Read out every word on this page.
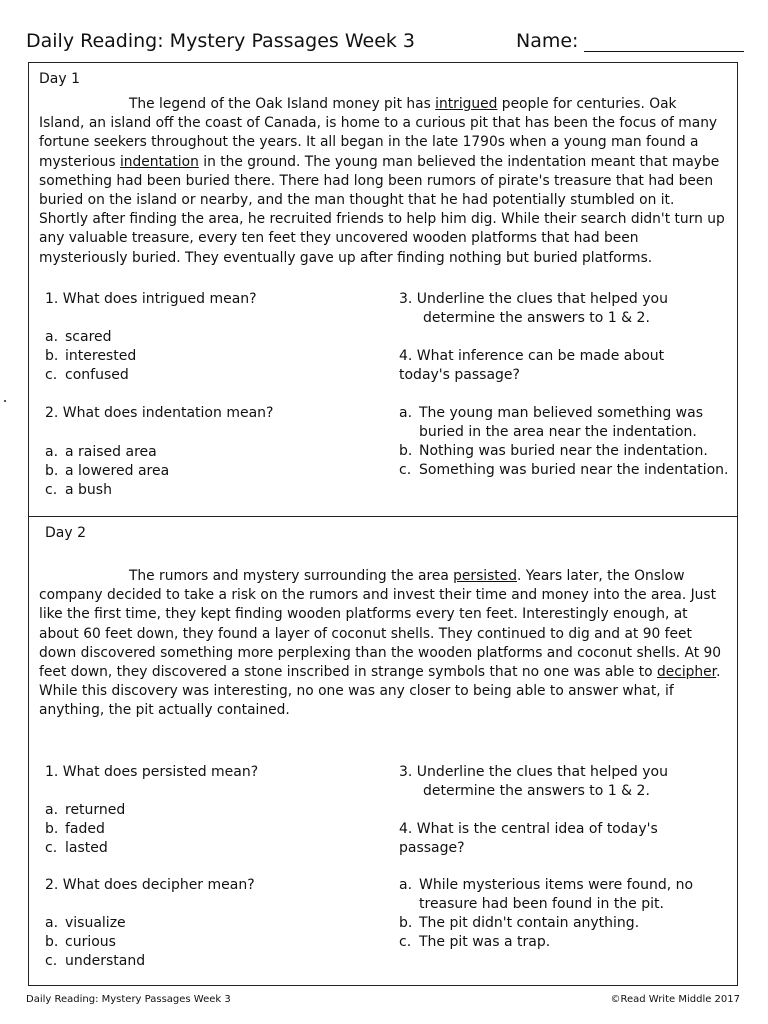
Daily Reading: Mystery Passages Week 3	Name:
Day 1

The legend of the Oak Island money pit has intrigued people for centuries. Oak Island, an island off the coast of Canada, is home to a curious pit that has been the focus of many fortune seekers throughout the years. It all began in the late 1790s when a young man found a mysterious indentation in the ground. The young man believed the indentation meant that maybe something had been buried there. There had long been rumors of pirate's treasure that had been buried on the island or nearby, and the man thought that he had potentially stumbled on it. Shortly after finding the area, he recruited friends to help him dig. While their search didn't turn up any valuable treasure, every ten feet they uncovered wooden platforms that had been mysteriously buried. They eventually gave up after finding nothing but buried platforms.

1. What does intrigued mean?
a. scared
b. interested
c. confused
2. What does indentation mean?
a. a raised area
b. a lowered area
c. a bush
3. Underline the clues that helped you
determine the answers to 1 & 2.
4. What inference can be made about
today's passage?
a. The young man believed something was buried in the area near the indentation.
b. Nothing was buried near the indentation.
c. Something was buried near the indentation.
Day 2

The rumors and mystery surrounding the area persisted. Years later, the Onslow company decided to take a risk on the rumors and invest their time and money into the area. Just like the first time, they kept finding wooden platforms every ten feet. Interestingly enough, at about 60 feet down, they found a layer of coconut shells. They continued to dig and at 90 feet down discovered something more perplexing than the wooden platforms and coconut shells. At 90 feet down, they discovered a stone inscribed in strange symbols that no one was able to decipher. While this discovery was interesting, no one was any closer to being able to answer what, if anything, the pit actually contained.

1. What does persisted mean?
a. returned
b. faded
c. lasted
2. What does decipher mean?
a. visualize
b. curious
c. understand
3. Underline the clues that helped you
determine the answers to 1 & 2.
4. What is the central idea of today's
passage?
a. While mysterious items were found, no treasure had been found in the pit.
b. The pit didn't contain anything.
c. The pit was a trap.
Daily Reading: Mystery Passages Week 3	©Read Write Middle 2017
